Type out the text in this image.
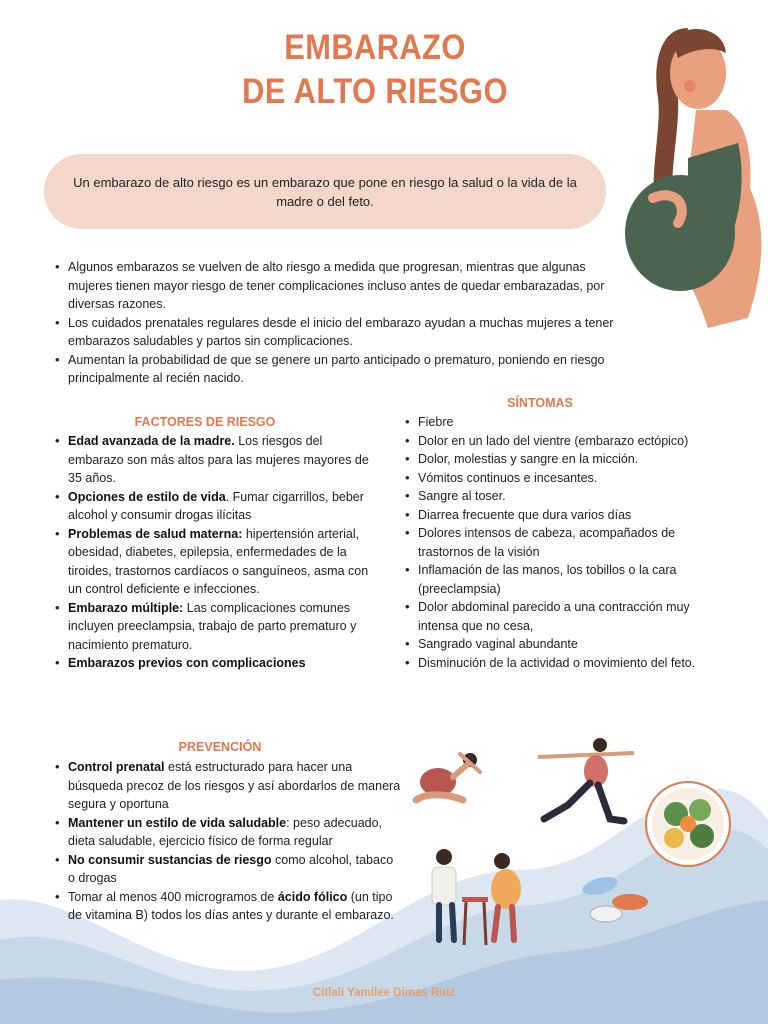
EMBARAZO
DE ALTO RIESGO
Un embarazo de alto riesgo es un embarazo que pone en riesgo la salud o la vida de la madre o del feto.
• Algunos embarazos se vuelven de alto riesgo a medida que progresan, mientras que algunas mujeres tienen mayor riesgo de tener complicaciones incluso antes de quedar embarazadas, por diversas razones.
• Los cuidados prenatales regulares desde el inicio del embarazo ayudan a muchas mujeres a tener embarazos saludables y partos sin complicaciones.
• Aumentan la probabilidad de que se genere un parto anticipado o prematuro, poniendo en riesgo principalmente al recién nacido.
FACTORES DE RIESGO
• Edad avanzada de la madre. Los riesgos del embarazo son más altos para las mujeres mayores de 35 años.
• Opciones de estilo de vida. Fumar cigarrillos, beber alcohol y consumir drogas ilícitas
• Problemas de salud materna: hipertensión arterial, obesidad, diabetes, epilepsia, enfermedades de la tiroides, trastornos cardíacos o sanguíneos, asma con un control deficiente e infecciones.
• Embarazo múltiple: Las complicaciones comunes incluyen preeclampsia, trabajo de parto prematuro y nacimiento prematuro.
• Embarazos previos con complicaciones
SÍNTOMAS
• Fiebre
• Dolor en un lado del vientre (embarazo ectópico)
• Dolor, molestias y sangre en la micción.
• Vómitos continuos e incesantes.
• Sangre al toser.
• Diarrea frecuente que dura varios días
• Dolores intensos de cabeza, acompañados de trastornos de la visión
• Inflamación de las manos, los tobillos o la cara (preeclampsia)
• Dolor abdominal parecido a una contracción muy intensa que no cesa,
• Sangrado vaginal abundante
• Disminución de la actividad o movimiento del feto.
PREVENCIÓN
• Control prenatal está estructurado para hacer una búsqueda precoz de los riesgos y así abordarlos de manera segura y oportuna
• Mantener un estilo de vida saludable: peso adecuado, dieta saludable, ejercicio físico de forma regular
• No consumir sustancias de riesgo como alcohol, tabaco o drogas
• Tomar al menos 400 microgramos de ácido fólico (un tipo de vitamina B) todos los días antes y durante el embarazo.
Citlali Yamilee Dimas Ruiz
